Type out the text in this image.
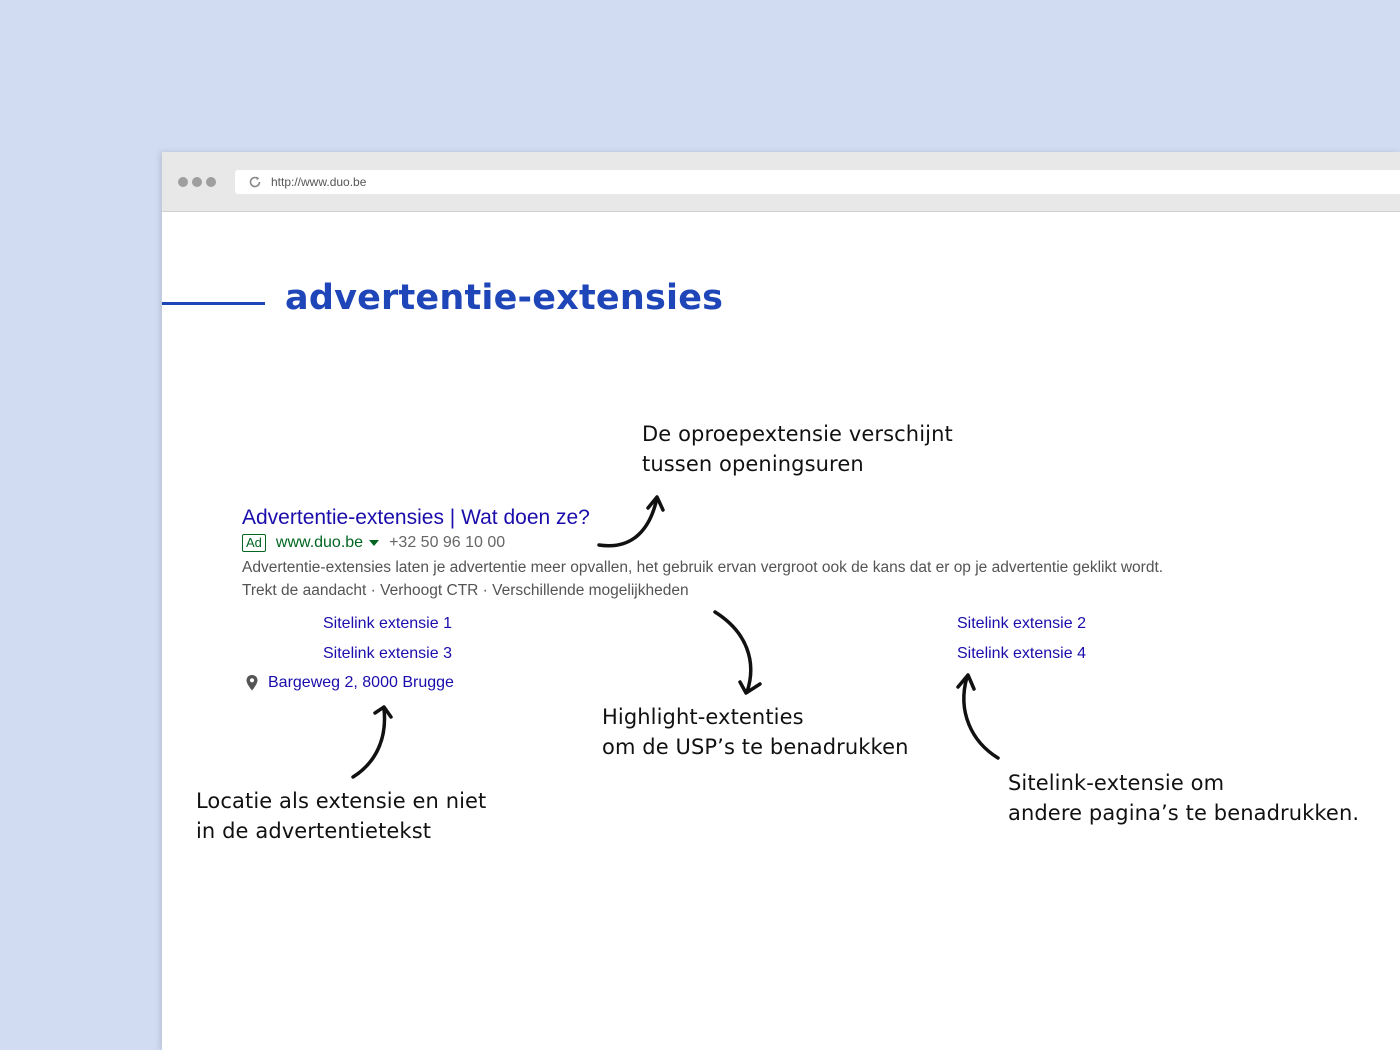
http://www.duo.be
advertentie-extensies
Advertentie-extensies | Wat doen ze?
Ad www.duo.be +32 50 96 10 00
Advertentie-extensies laten je advertentie meer opvallen, het gebruik ervan vergroot ook de kans dat er op je advertentie geklikt wordt.
Trekt de aandacht · Verhoogt CTR · Verschillende mogelijkheden
Sitelink extensie 1	Sitelink extensie 2
Sitelink extensie 3	Sitelink extensie 4
Bargeweg 2, 8000 Brugge
De oproepextensie verschijnt
tussen openingsuren
Highlight-extenties
om de USP’s te benadrukken
Sitelink-extensie om
andere pagina’s te benadrukken.
Locatie als extensie en niet
in de advertentietekst
